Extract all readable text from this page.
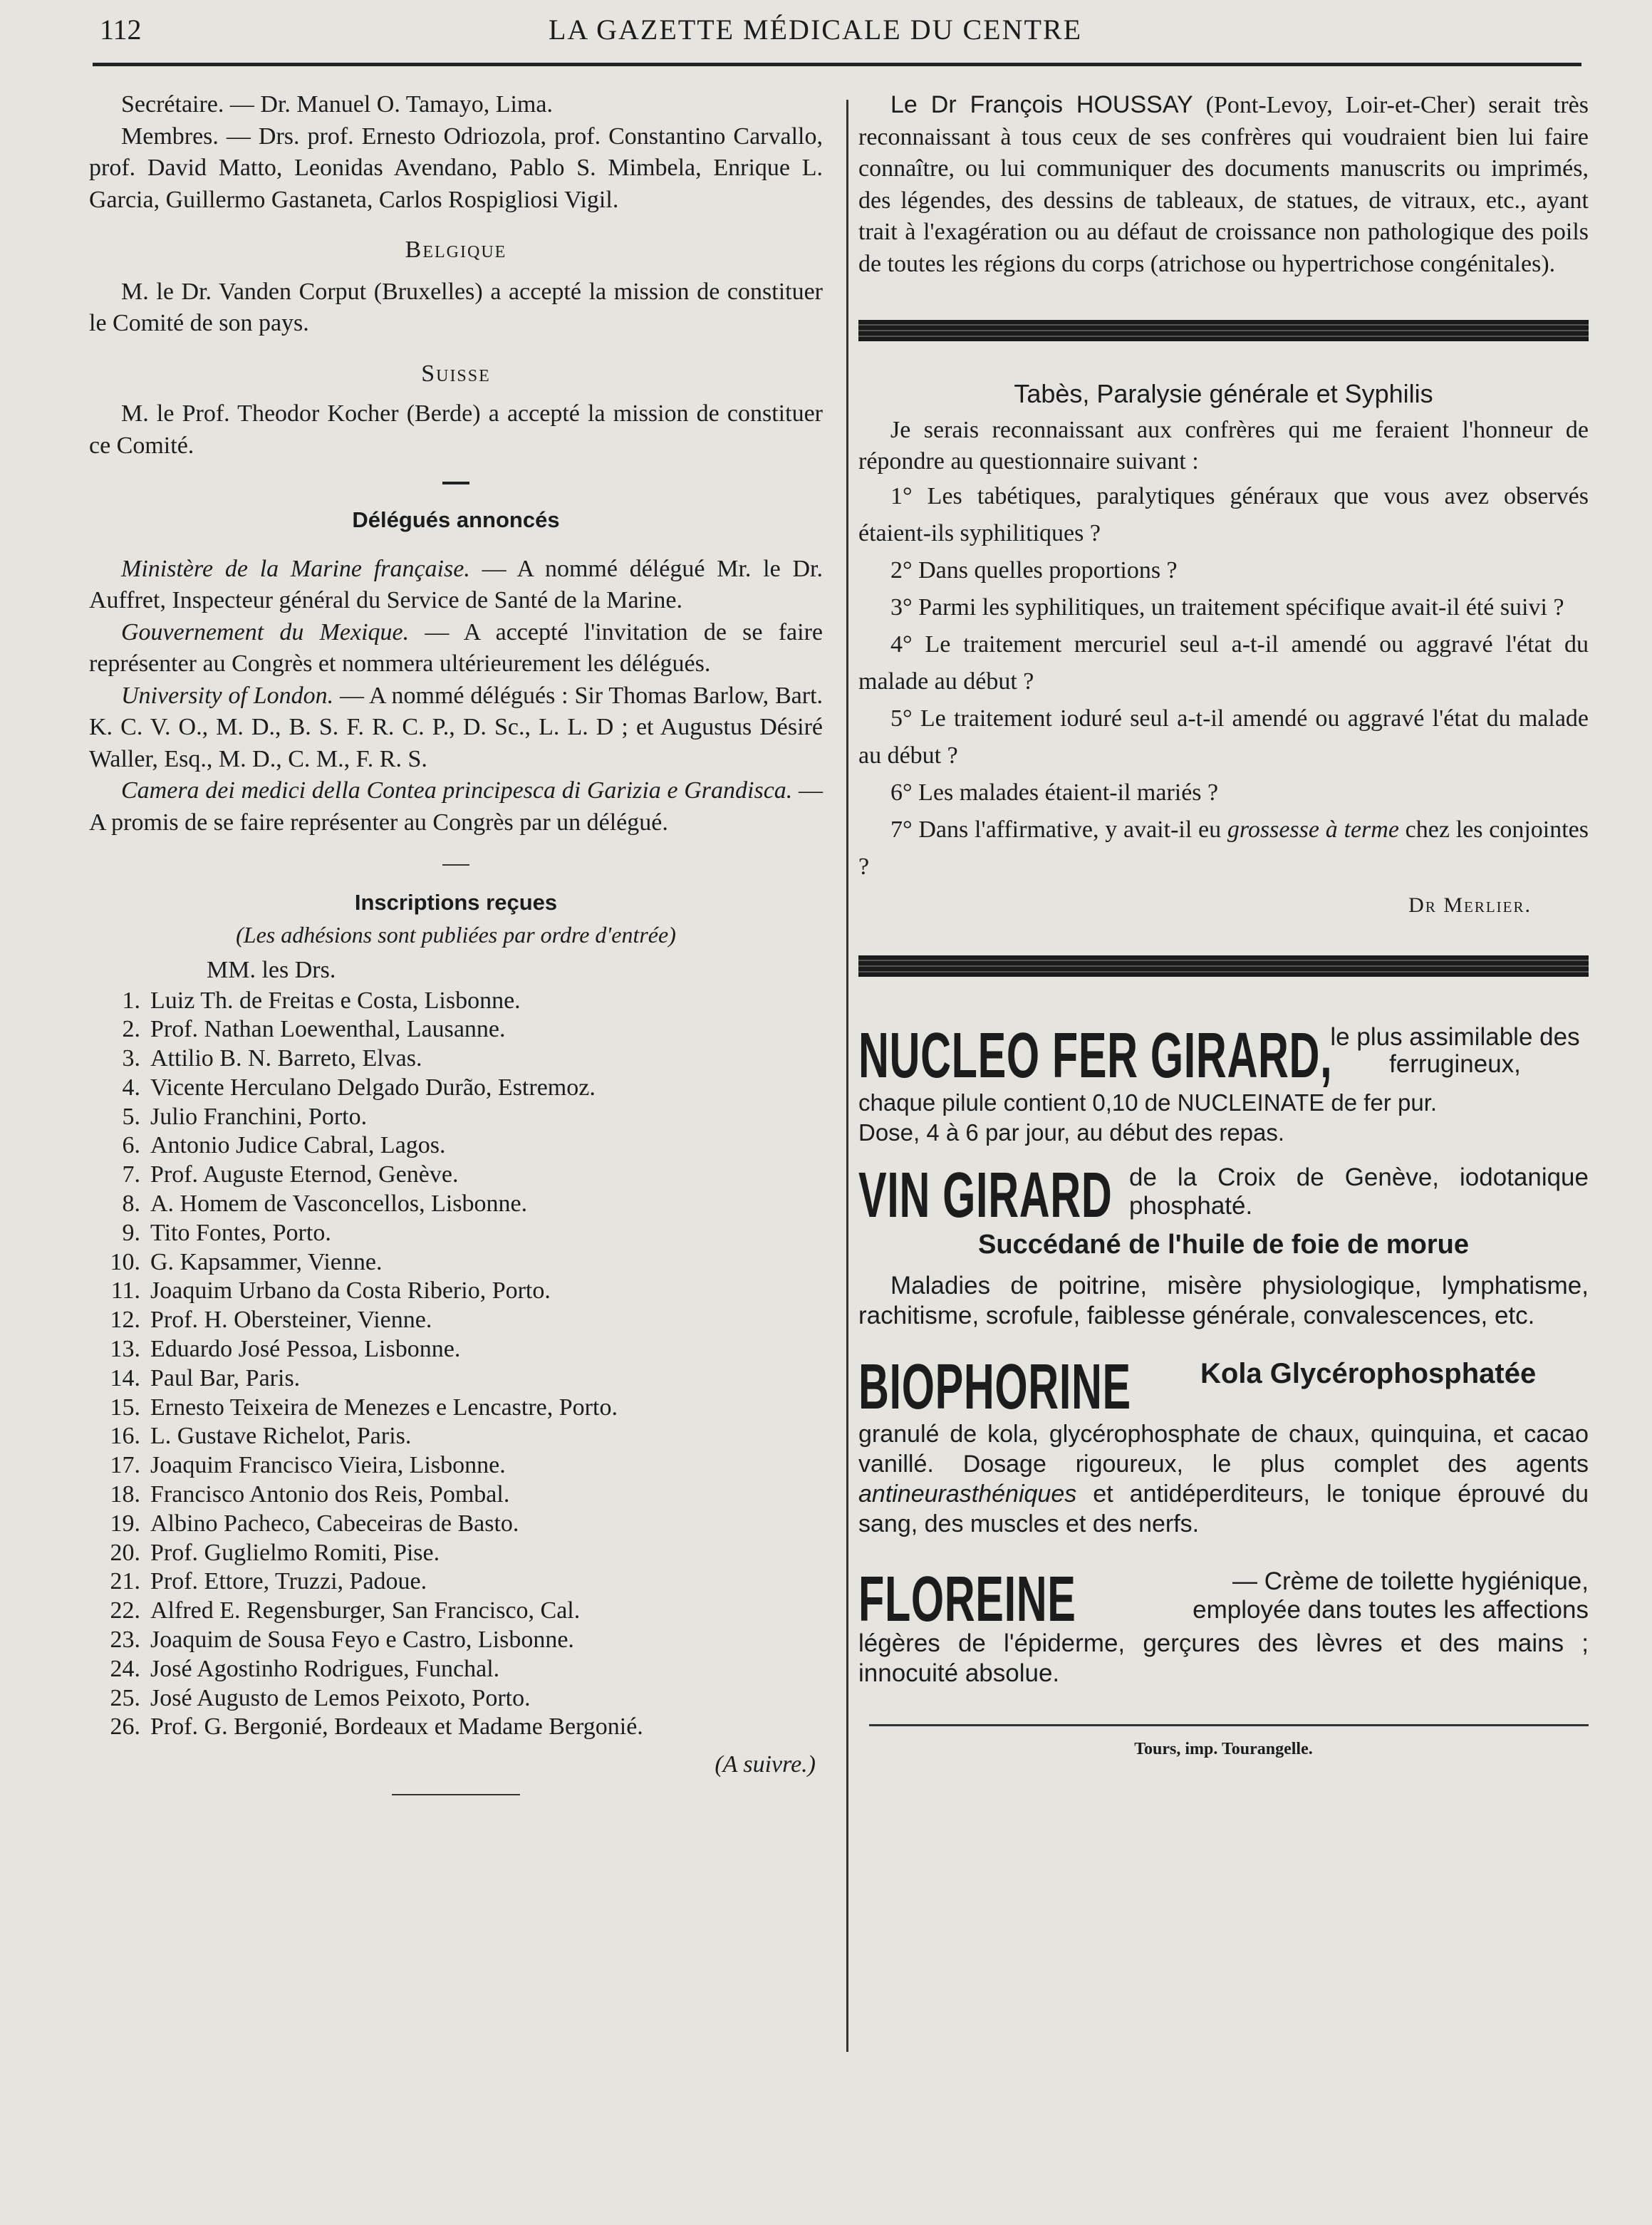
112	LA GAZETTE MÉDICALE DU CENTRE

Secrétaire. — Dr. Manuel O. Tamayo, Lima.

Membres. — Drs. prof. Ernesto Odriozola, prof. Constantino Carvallo, prof. David Matto, Leonidas Avendano, Pablo S. Mimbela, Enrique L. Garcia, Guillermo Gastaneta, Carlos Rospigliosi Vigil.

Belgique

M. le Dr. Vanden Corput (Bruxelles) a accepté la mission de constituer le Comité de son pays.

Suisse

M. le Prof. Theodor Kocher (Berde) a accepté la mission de constituer ce Comité.

Délégués annoncés

Ministère de la Marine française. — A nommé délégué Mr. le Dr. Auffret, Inspecteur général du Service de Santé de la Marine.

Gouvernement du Mexique. — A accepté l'invitation de se faire représenter au Congrès et nommera ultérieurement les délégués.

University of London. — A nommé délégués : Sir Thomas Barlow, Bart. K. C. V. O., M. D., B. S. F. R. C. P., D. Sc., L. L. D ; et Augustus Désiré Waller, Esq., M. D., C. M., F. R. S.

Camera dei medici della Contea principesca di Garizia e Grandisca. — A promis de se faire représenter au Congrès par un délégué.

Inscriptions reçues

(Les adhésions sont publiées par ordre d'entrée)

MM. les Drs.

1. Luiz Th. de Freitas e Costa, Lisbonne.
2. Prof. Nathan Loewenthal, Lausanne.
3. Attilio B. N. Barreto, Elvas.
4. Vicente Herculano Delgado Durão, Estremoz.
5. Julio Franchini, Porto.
6. Antonio Judice Cabral, Lagos.
7. Prof. Auguste Eternod, Genève.
8. A. Homem de Vasconcellos, Lisbonne.
9. Tito Fontes, Porto.
10. G. Kapsammer, Vienne.
11. Joaquim Urbano da Costa Riberio, Porto.
12. Prof. H. Obersteiner, Vienne.
13. Eduardo José Pessoa, Lisbonne.
14. Paul Bar, Paris.
15. Ernesto Teixeira de Menezes e Lencastre, Porto.
16. L. Gustave Richelot, Paris.
17. Joaquim Francisco Vieira, Lisbonne.
18. Francisco Antonio dos Reis, Pombal.
19. Albino Pacheco, Cabeceiras de Basto.
20. Prof. Guglielmo Romiti, Pise.
21. Prof. Ettore, Truzzi, Padoue.
22. Alfred E. Regensburger, San Francisco, Cal.
23. Joaquim de Sousa Feyo e Castro, Lisbonne.
24. José Agostinho Rodrigues, Funchal.
25. José Augusto de Lemos Peixoto, Porto.
26. Prof. G. Bergonié, Bordeaux et Madame Bergonié.

(A suivre.)

Le Dr François HOUSSAY (Pont-Levoy, Loir-et-Cher) serait très reconnaissant à tous ceux de ses confrères qui voudraient bien lui faire connaître, ou lui communiquer des documents manuscrits ou imprimés, des légendes, des dessins de tableaux, de statues, de vitraux, etc., ayant trait à l'exagération ou au défaut de croissance non pathologique des poils de toutes les régions du corps (atrichose ou hypertrichose congénitales).

Tabès, Paralysie générale et Syphilis

Je serais reconnaissant aux confrères qui me feraient l'honneur de répondre au questionnaire suivant :

1° Les tabétiques, paralytiques généraux que vous avez observés étaient-ils syphilitiques ?

2° Dans quelles proportions ?

3° Parmi les syphilitiques, un traitement spécifique avait-il été suivi ?

4° Le traitement mercuriel seul a-t-il amendé ou aggravé l'état du malade au début ?

5° Le traitement ioduré seul a-t-il amendé ou aggravé l'état du malade au début ?

6° Les malades étaient-il mariés ?

7° Dans l'affirmative, y avait-il eu grossesse à terme chez les conjointes ?

Dr Merlier.

NUCLEO FER GIRARD,
le plus assimilable des ferrugineux,

chaque pilule contient 0,10 de NUCLEINATE de fer pur.

Dose, 4 à 6 par jour, au début des repas.

VIN GIRARD de la Croix de Genève, iodotanique phosphaté.

Succédané de l'huile de foie de morue

Maladies de poitrine, misère physiologique, lymphatisme, rachitisme, scrofule, faiblesse générale, convalescences, etc.

BIOPHORINE	Kola Glycérophosphatée

granulé de kola, glycérophosphate de chaux, quinquina, et cacao vanillé. Dosage rigoureux, le plus complet des agents antineurasthéniques et antidéperditeurs, le tonique éprouvé du sang, des muscles et des nerfs.

FLOREINE	— Crème de toilette hygiénique, employée dans toutes les affections

légères de l'épiderme, gerçures des lèvres et des mains ; innocuité absolue.

Tours, imp. Tourangelle.
